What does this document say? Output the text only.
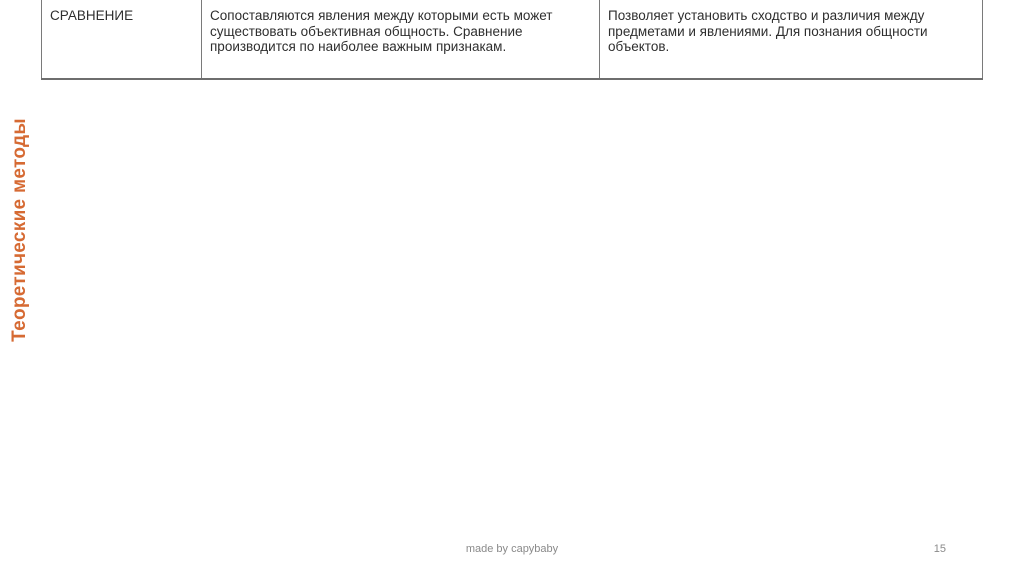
Теоретические методы
СРАВНЕНИЕ	Сопоставляются явления между которыми есть может существовать объективная общность. Сравнение производится по наиболее важным признакам.	Позволяет установить сходство и различия между предметами и явлениями. Для познания общности объектов.
made by capybaby	15
